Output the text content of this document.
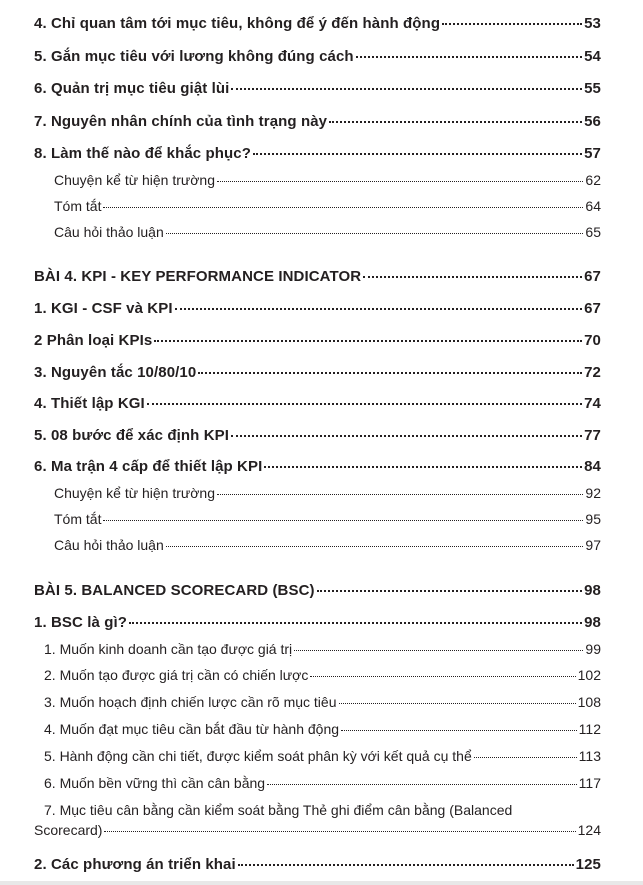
4. Chỉ quan tâm tới mục tiêu, không để ý đến hành động	53
5. Gắn mục tiêu với lương không đúng cách	54
6. Quản trị mục tiêu giật lùi	55
7. Nguyên nhân chính của tình trạng này	56
8. Làm thế nào để khắc phục?	57
Chuyện kể từ hiện trường	62
Tóm tắt	64
Câu hỏi thảo luận	65
BÀI 4. KPI - KEY PERFORMANCE INDICATOR	67
1. KGI - CSF và KPI	67
2 Phân loại KPIs	70
3. Nguyên tắc 10/80/10	72
4. Thiết lập KGI	74
5. 08 bước để xác định KPI	77
6. Ma trận 4 cấp để thiết lập KPI	84
Chuyện kể từ hiện trường	92
Tóm tắt	95
Câu hỏi thảo luận	97
BÀI 5. BALANCED SCORECARD (BSC)	98
1. BSC là gì?	98
1. Muốn kinh doanh cần tạo được giá trị	99
2. Muốn tạo được giá trị cần có chiến lược	102
3. Muốn hoạch định chiến lược cần rõ mục tiêu	108
4. Muốn đạt mục tiêu cần bắt đầu từ hành động	112
5. Hành động cần chi tiết, được kiểm soát phân kỳ với kết quả cụ thể	113
6. Muốn bền vững thì cần cân bằng	117
7. Mục tiêu cân bằng cần kiểm soát bằng Thẻ ghi điểm cân bằng (Balanced
Scorecard)	124
2. Các phương án triển khai	125
